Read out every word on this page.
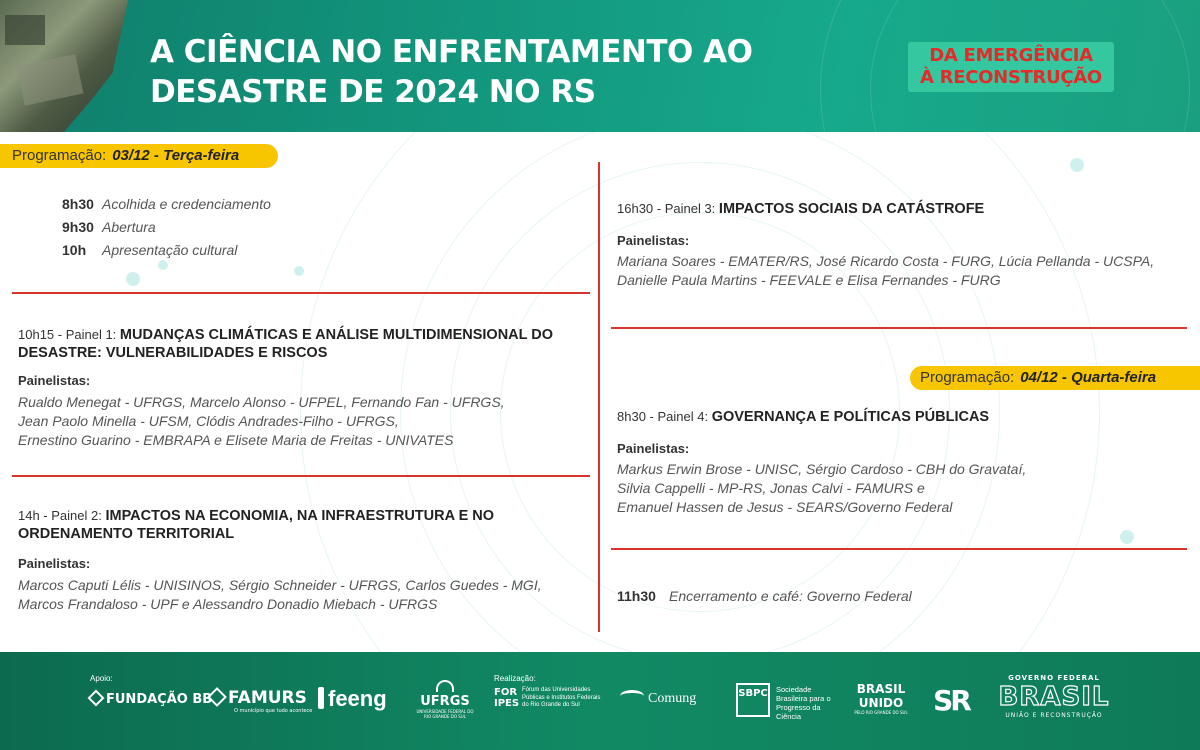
A CIÊNCIA NO ENFRENTAMENTO AO
DESASTRE DE 2024 NO RS
DA EMERGÊNCIA
À RECONSTRUÇÃO
Programação: 03/12 - Terça-feira
8h30 Acolhida e credenciamento
9h30 Abertura
10h Apresentação cultural
10h15 - Painel 1: MUDANÇAS CLIMÁTICAS E ANÁLISE MULTIDIMENSIONAL DO
DESASTRE: VULNERABILIDADES E RISCOS
Painelistas:
Rualdo Menegat - UFRGS, Marcelo Alonso - UFPEL, Fernando Fan - UFRGS,
Jean Paolo Minella - UFSM, Clódis Andrades-Filho - UFRGS,
Ernestino Guarino - EMBRAPA e Elisete Maria de Freitas - UNIVATES
14h - Painel 2: IMPACTOS NA ECONOMIA, NA INFRAESTRUTURA E NO
ORDENAMENTO TERRITORIAL
Painelistas:
Marcos Caputi Lélis - UNISINOS, Sérgio Schneider - UFRGS, Carlos Guedes - MGI,
Marcos Frandaloso - UPF e Alessandro Donadio Miebach - UFRGS
16h30 - Painel 3: IMPACTOS SOCIAIS DA CATÁSTROFE
Painelistas:
Mariana Soares - EMATER/RS, José Ricardo Costa - FURG, Lúcia Pellanda - UCSPA,
Danielle Paula Martins - FEEVALE e Elisa Fernandes - FURG
Programação: 04/12 - Quarta-feira
8h30 - Painel 4: GOVERNANÇA E POLÍTICAS PÚBLICAS
Painelistas:
Markus Erwin Brose - UNISC, Sérgio Cardoso - CBH do Gravataí,
Silvia Cappelli - MP-RS, Jonas Calvi - FAMURS e
Emanuel Hassen de Jesus - SEARS/Governo Federal
11h30 Encerramento e café: Governo Federal
Apoio:
FUNDAÇÃO BB FAMURS
O município que tudo acontece feeng	UFRGS
UNIVERSIDADE FEDERAL DO RIO GRANDE DO SUL
Realização:
FOR IPES
Fórum das Universidades Públicas e Institutos Federais do Rio Grande do Sul	Comung	SBPC	Sociedade Brasileira para o Progresso da Ciência
BRASIL UNIDO
PELO RIO GRANDE DO SUL SR
GOVERNO FEDERAL
BRASIL
UNIÃO E RECONSTRUÇÃO
